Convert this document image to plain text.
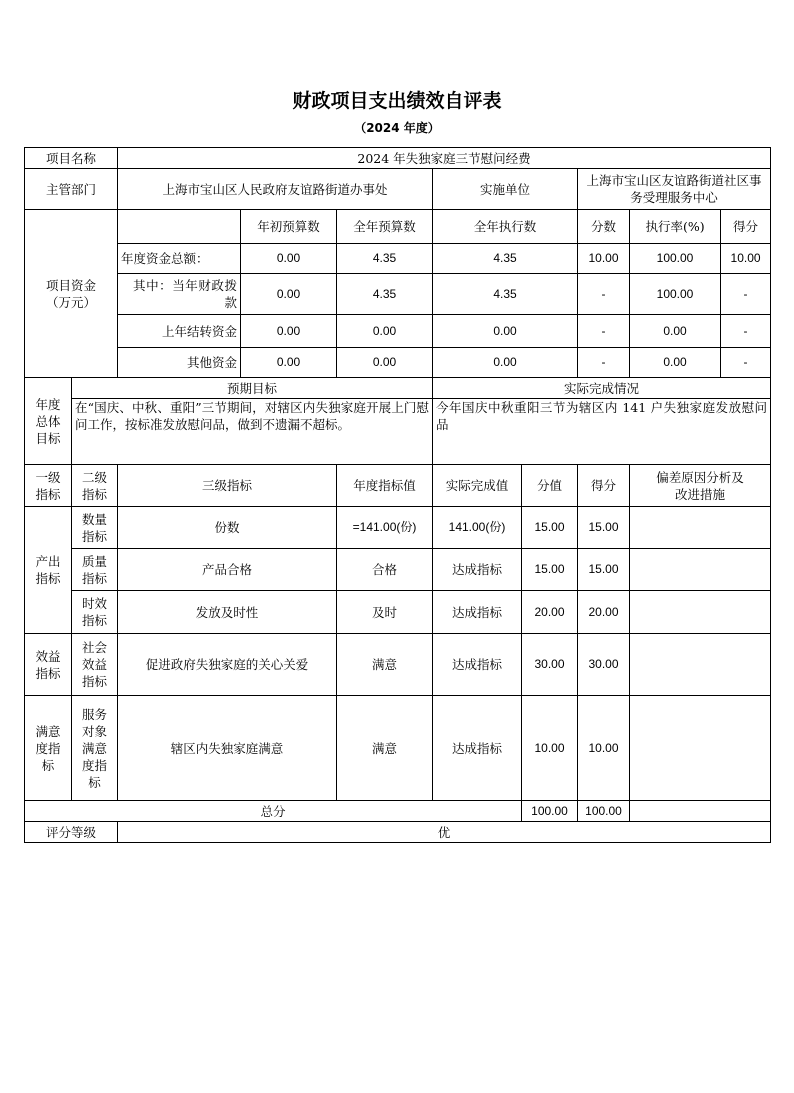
财政项目支出绩效自评表
（2024 年度）
项目名称		2024 年失独家庭三节慰问经费							
主管部门		上海市宝山区人民政府友谊路街道办事处			实施单位		上海市宝山区友谊路街道社区事务受理服务中心		
项目资金（万元）			年初预算数	全年预算数	全年执行数		分数	执行率(%)	得分
		年度资金总额：	0.00	4.35	4.35		10.00	100.00	10.00
		其中：当年财政拨款	0.00	4.35	4.35		-	100.00	-
		上年结转资金	0.00	0.00	0.00		-	0.00	-
		其他资金	0.00	0.00	0.00		-	0.00	-
年度总体目标	预期目标				实际完成情况				
	在“国庆、中秋、重阳”三节期间，对辖区内失独家庭开展上门慰问工作，按标准发放慰问品，做到不遗漏不超标。				今年国庆中秋重阳三节为辖区内 141 户失独家庭发放慰问品				
一级指标	二级指标	三级指标		年度指标值	实际完成值	分值	得分	偏差原因分析及改进措施	
产出指标	数量指标	份数		=141.00(份)	141.00(份)	15.00	15.00		
	质量指标	产品合格		合格	达成指标	15.00	15.00		
	时效指标	发放及时性		及时	达成指标	20.00	20.00		
效益指标	社会效益指标	促进政府失独家庭的关心关爱		满意	达成指标	30.00	30.00		
满意度指标	服务对象满意度指标	辖区内失独家庭满意		满意	达成指标	10.00	10.00		
总分						100.00	100.00		
评分等级		优							
